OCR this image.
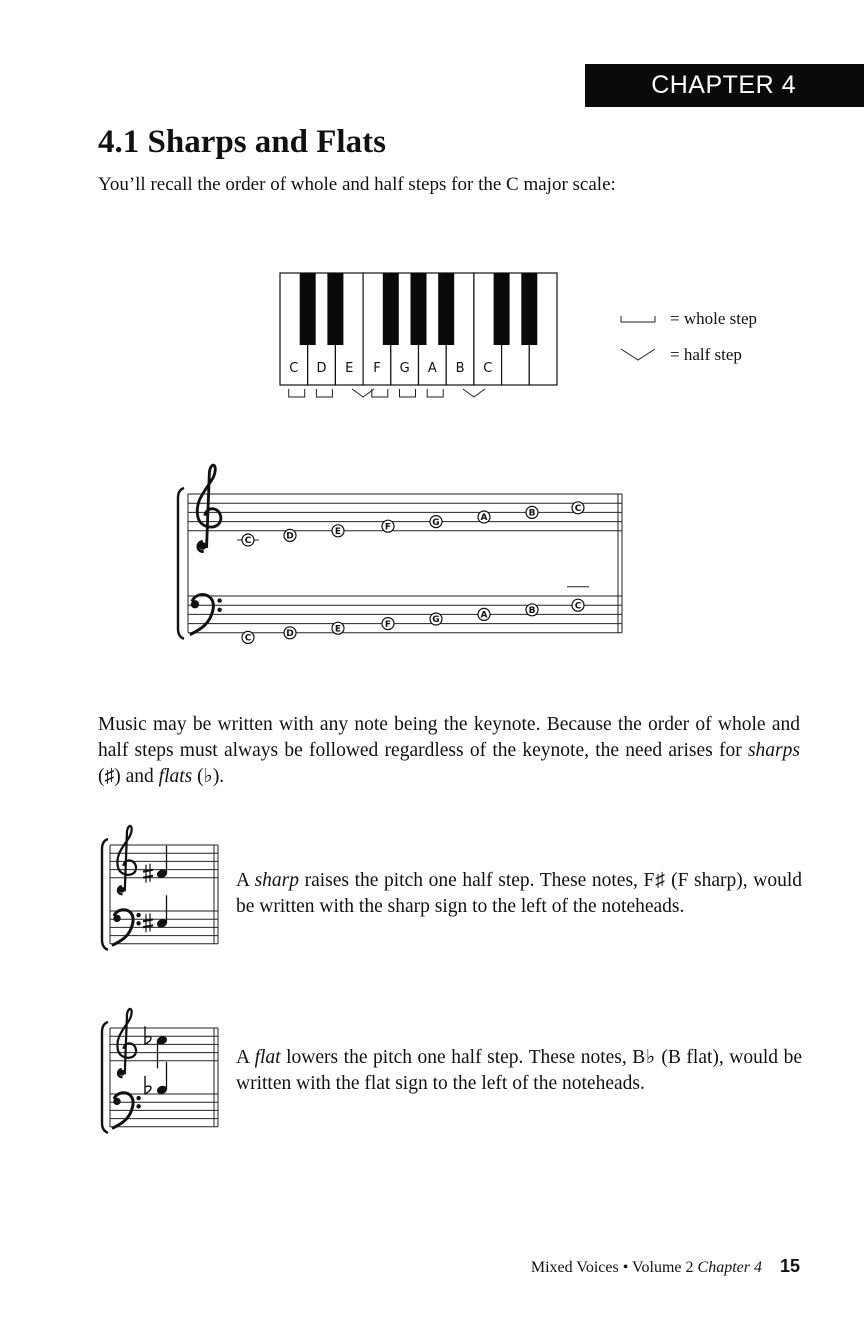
CHAPTER 4
4.1 Sharps and Flats

You’ll recall the order of whole and half steps for the C major scale:

C D E F G A B C
= whole step
= half step
C	D	E	F	G	A	B	C
C	D	E	F	G	A	B	C

Music may be written with any note being the keynote. Because the order of whole and half steps must always be followed regardless of the keynote, the need arises for sharps (♯) and flats (♭).

A sharp raises the pitch one half step. These notes, F♯ (F sharp), would be written with the sharp sign to the left of the noteheads.

A flat lowers the pitch one half step. These notes, B♭ (B flat), would be written with the flat sign to the left of the noteheads.

Mixed Voices • Volume 2 Chapter 4 15
